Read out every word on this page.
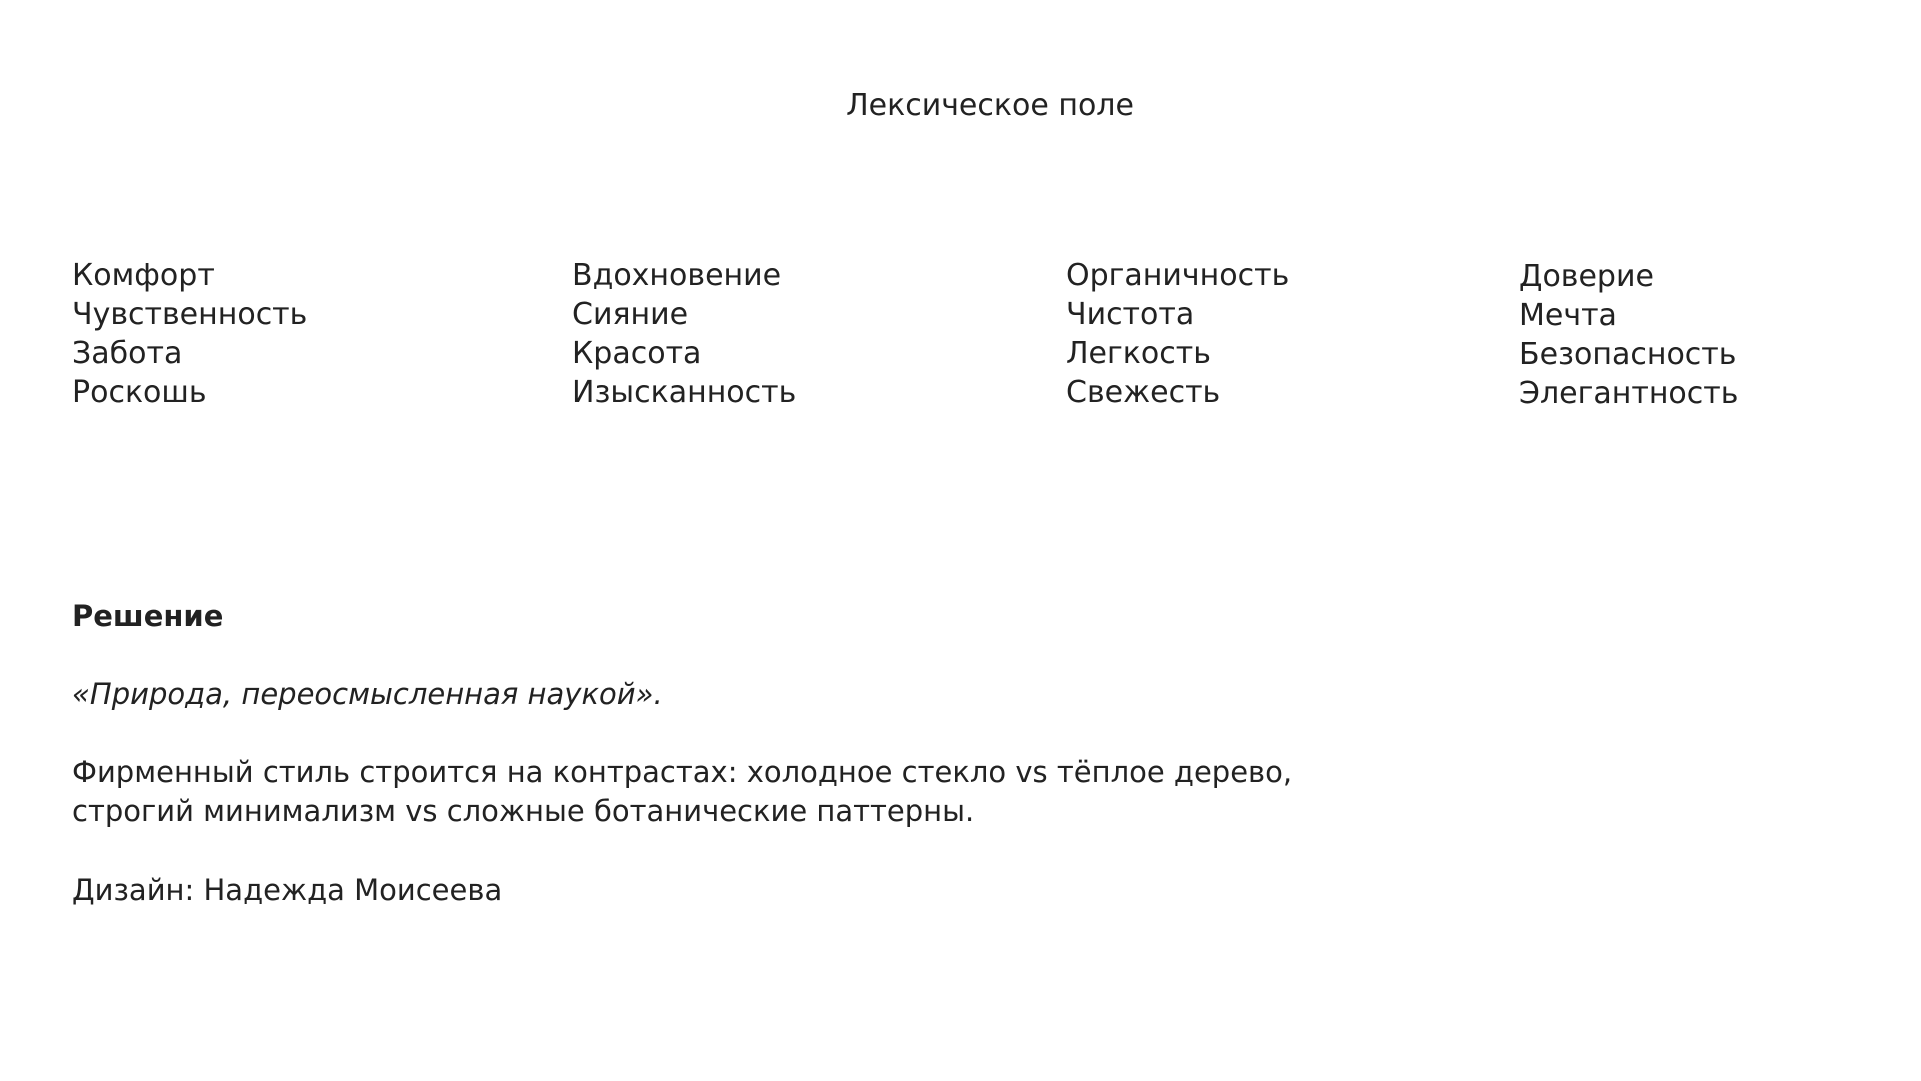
Лексическое поле
Комфорт
Чувственность
Забота
Роскошь
Вдохновение
Сияние
Красота
Изысканность
Органичность
Чистота
Легкость
Свежесть
Доверие
Мечта
Безопасность
Элегантность
Решение

«Природа, переосмысленная наукой».

Фирменный стиль строится на контрастах: холодное стекло vs тёплое дерево,
строгий минимализм vs сложные ботанические паттерны.

Дизайн: Надежда Моисеева
